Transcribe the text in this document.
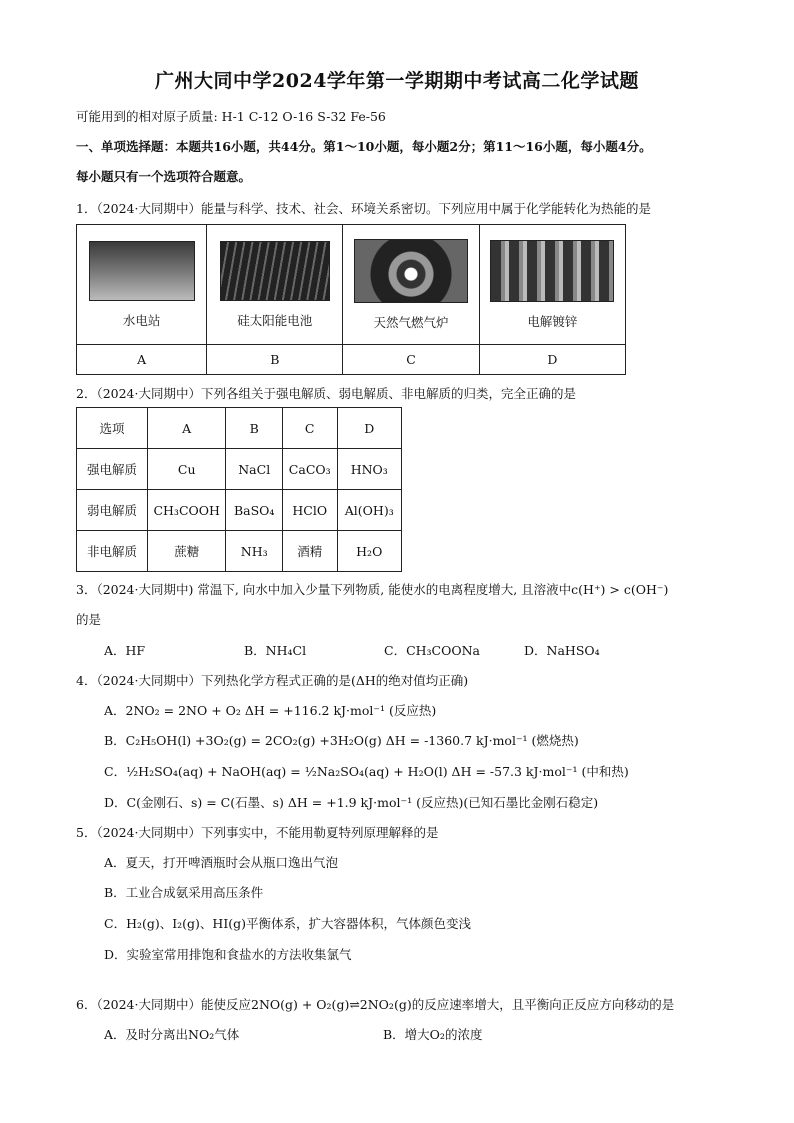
广州大同中学2024学年第一学期期中考试高二化学试题
可能用到的相对原子质量: H-1 C-12 O-16 S-32 Fe-56
一、单项选择题：本题共16小题，共44分。第1～10小题，每小题2分；第11～16小题，每小题4分。
每小题只有一个选项符合题意。
1．（2024·大同期中）能量与科学、技术、社会、环境关系密切。下列应用中属于化学能转化为热能的是
水电站	硅太阳能电池	天然气燃气炉	电解镀锌

A	B	C	D
2．（2024·大同期中）下列各组关于强电解质、弱电解质、非电解质的归类，完全正确的是
选项	A	B	C	D
强电解质	Cu	NaCl	CaCO₃	HNO₃
弱电解质	CH₃COOH	BaSO₄	HClO	Al(OH)₃
非电解质	蔗糖	NH₃	酒精	H₂O
3．（2024·大同期中) 常温下, 向水中加入少量下列物质, 能使水的电离程度增大, 且溶液中c(H⁺) > c(OH⁻)
的是
A．HF	B．NH₄Cl	C．CH₃COONa	D．NaHSO₄
4．（2024·大同期中）下列热化学方程式正确的是(ΔH的绝对值均正确)
A．2NO₂ = 2NO + O₂ ΔH = +116.2 kJ·mol⁻¹ (反应热)
B．C₂H₅OH(l) +3O₂(g) = 2CO₂(g) +3H₂O(g) ΔH = -1360.7 kJ·mol⁻¹ (燃烧热)
C．½H₂SO₄(aq) + NaOH(aq) = ½Na₂SO₄(aq) + H₂O(l) ΔH = -57.3 kJ·mol⁻¹ (中和热)
D．C(金刚石、s) = C(石墨、s) ΔH = +1.9 kJ·mol⁻¹ (反应热)(已知石墨比金刚石稳定)
5．（2024·大同期中）下列事实中，不能用勒夏特列原理解释的是
A．夏天，打开啤酒瓶时会从瓶口逸出气泡
B．工业合成氨采用高压条件
C．H₂(g)、I₂(g)、HI(g)平衡体系，扩大容器体积，气体颜色变浅
D．实验室常用排饱和食盐水的方法收集氯气
6．（2024·大同期中）能使反应2NO(g) + O₂(g)⇌2NO₂(g)的反应速率增大，且平衡向正反应方向移动的是
A．及时分离出NO₂气体	B．增大O₂的浓度
